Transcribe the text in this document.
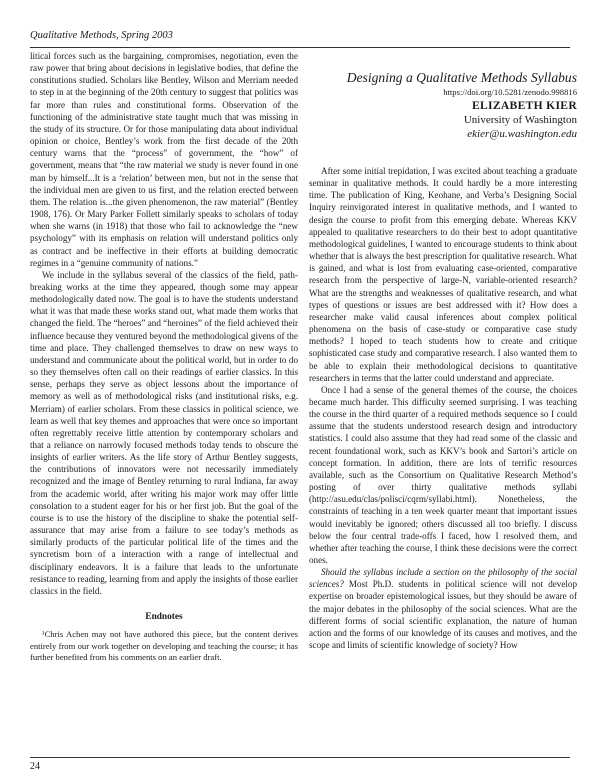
Qualitative Methods, Spring 2003

litical forces such as the bargaining, compromises, negotiation, even the raw power that bring about decisions in legislative bodies, that define the constitutions studied. Scholars like Bentley, Wilson and Merriam needed to step in at the beginning of the 20th century to suggest that politics was far more than rules and constitutional forms. Observation of the functioning of the administrative state taught much that was missing in the study of its structure. Or for those manipulating data about individual opinion or choice, Bentley’s work from the first decade of the 20th century warns that the “process” of government, the “how” of government, means that “the raw material we study is never found in one man by himself...It is a ‘relation’ between men, but not in the sense that the individual men are given to us first, and the relation erected between them. The relation is...the given phenomenon, the raw material” (Bentley 1908, 176). Or Mary Parker Follett similarly speaks to scholars of today when she warns (in 1918) that those who fail to acknowledge the “new psychology” with its emphasis on relation will understand politics only as contract and be ineffective in their efforts at building democratic regimes in a “genuine community of nations.”

We include in the syllabus several of the classics of the field, path-breaking works at the time they appeared, though some may appear methodologically dated now. The goal is to have the students understand what it was that made these works stand out, what made them works that changed the field. The “heroes” and “heroines” of the field achieved their influence because they ventured beyond the methodological givens of the time and place. They challenged themselves to draw on new ways to understand and communicate about the political world, but in order to do so they themselves often call on their readings of earlier classics. In this sense, perhaps they serve as object lessons about the importance of memory as well as of methodological risks (and institutional risks, e.g. Merriam) of earlier scholars. From these classics in political science, we learn as well that key themes and approaches that were once so important often regrettably receive little attention by contemporary scholars and that a reliance on narrowly focused methods today tends to obscure the insights of earlier writers. As the life story of Arthur Bentley suggests, the contributions of innovators were not necessarily immediately recognized and the image of Bentley returning to rural Indiana, far away from the academic world, after writing his major work may offer little consolation to a student eager for his or her first job. But the goal of the course is to use the history of the discipline to shake the potential self-assurance that may arise from a failure to see today’s methods as similarly products of the particular political life of the times and the syncretism born of a interaction with a range of intellectual and disciplinary endeavors. It is a failure that leads to the unfortunate resistance to reading, learning from and apply the insights of those earlier classics in the field.

Endnotes

¹Chris Achen may not have authored this piece, but the content derives entirely from our work together on developing and teaching the course; it has further benefited from his comments on an earlier draft.

Designing a Qualitative Methods Syllabus
https://doi.org/10.5281/zenodo.998816
ELIZABETH KIER
University of Washington
ekier@u.washington.edu

After some initial trepidation, I was excited about teaching a graduate seminar in qualitative methods. It could hardly be a more interesting time. The publication of King, Keohane, and Verba’s Designing Social Inquiry reinvigorated interest in qualitative methods, and I wanted to design the course to profit from this emerging debate. Whereas KKV appealed to qualitative researchers to do their best to adopt quantitative methodological guidelines, I wanted to encourage students to think about whether that is always the best prescription for qualitative research. What is gained, and what is lost from evaluating case-oriented, comparative research from the perspective of large-N, variable-oriented research? What are the strengths and weaknesses of qualitative research, and what types of questions or issues are best addressed with it? How does a researcher make valid causal inferences about complex political phenomena on the basis of case-study or comparative case study methods? I hoped to teach students how to create and critique sophisticated case study and comparative research. I also wanted them to be able to explain their methodological decisions to quantitative researchers in terms that the latter could understand and appreciate.

Once I had a sense of the general themes of the course, the choices became much harder. This difficulty seemed surprising. I was teaching the course in the third quarter of a required methods sequence so I could assume that the students understood research design and introductory statistics. I could also assume that they had read some of the classic and recent foundational work, such as KKV’s book and Sartori’s article on concept formation. In addition, there are lots of terrific resources available, such as the Consortium on Qualitative Research Method’s posting of over thirty qualitative methods syllabi (http://asu.edu/clas/polisci/cqrm/syllabi.html). Nonetheless, the constraints of teaching in a ten week quarter meant that important issues would inevitably be ignored; others discussed all too briefly. I discuss below the four central trade-offs I faced, how I resolved them, and whether after teaching the course, I think these decisions were the correct ones.

Should the syllabus include a section on the philosophy of the social sciences? Most Ph.D. students in political science will not develop expertise on broader epistemological issues, but they should be aware of the major debates in the philosophy of the social sciences. What are the different forms of social scientific explanation, the nature of human action and the forms of our knowledge of its causes and motives, and the scope and limits of scientific knowledge of society? How

24
